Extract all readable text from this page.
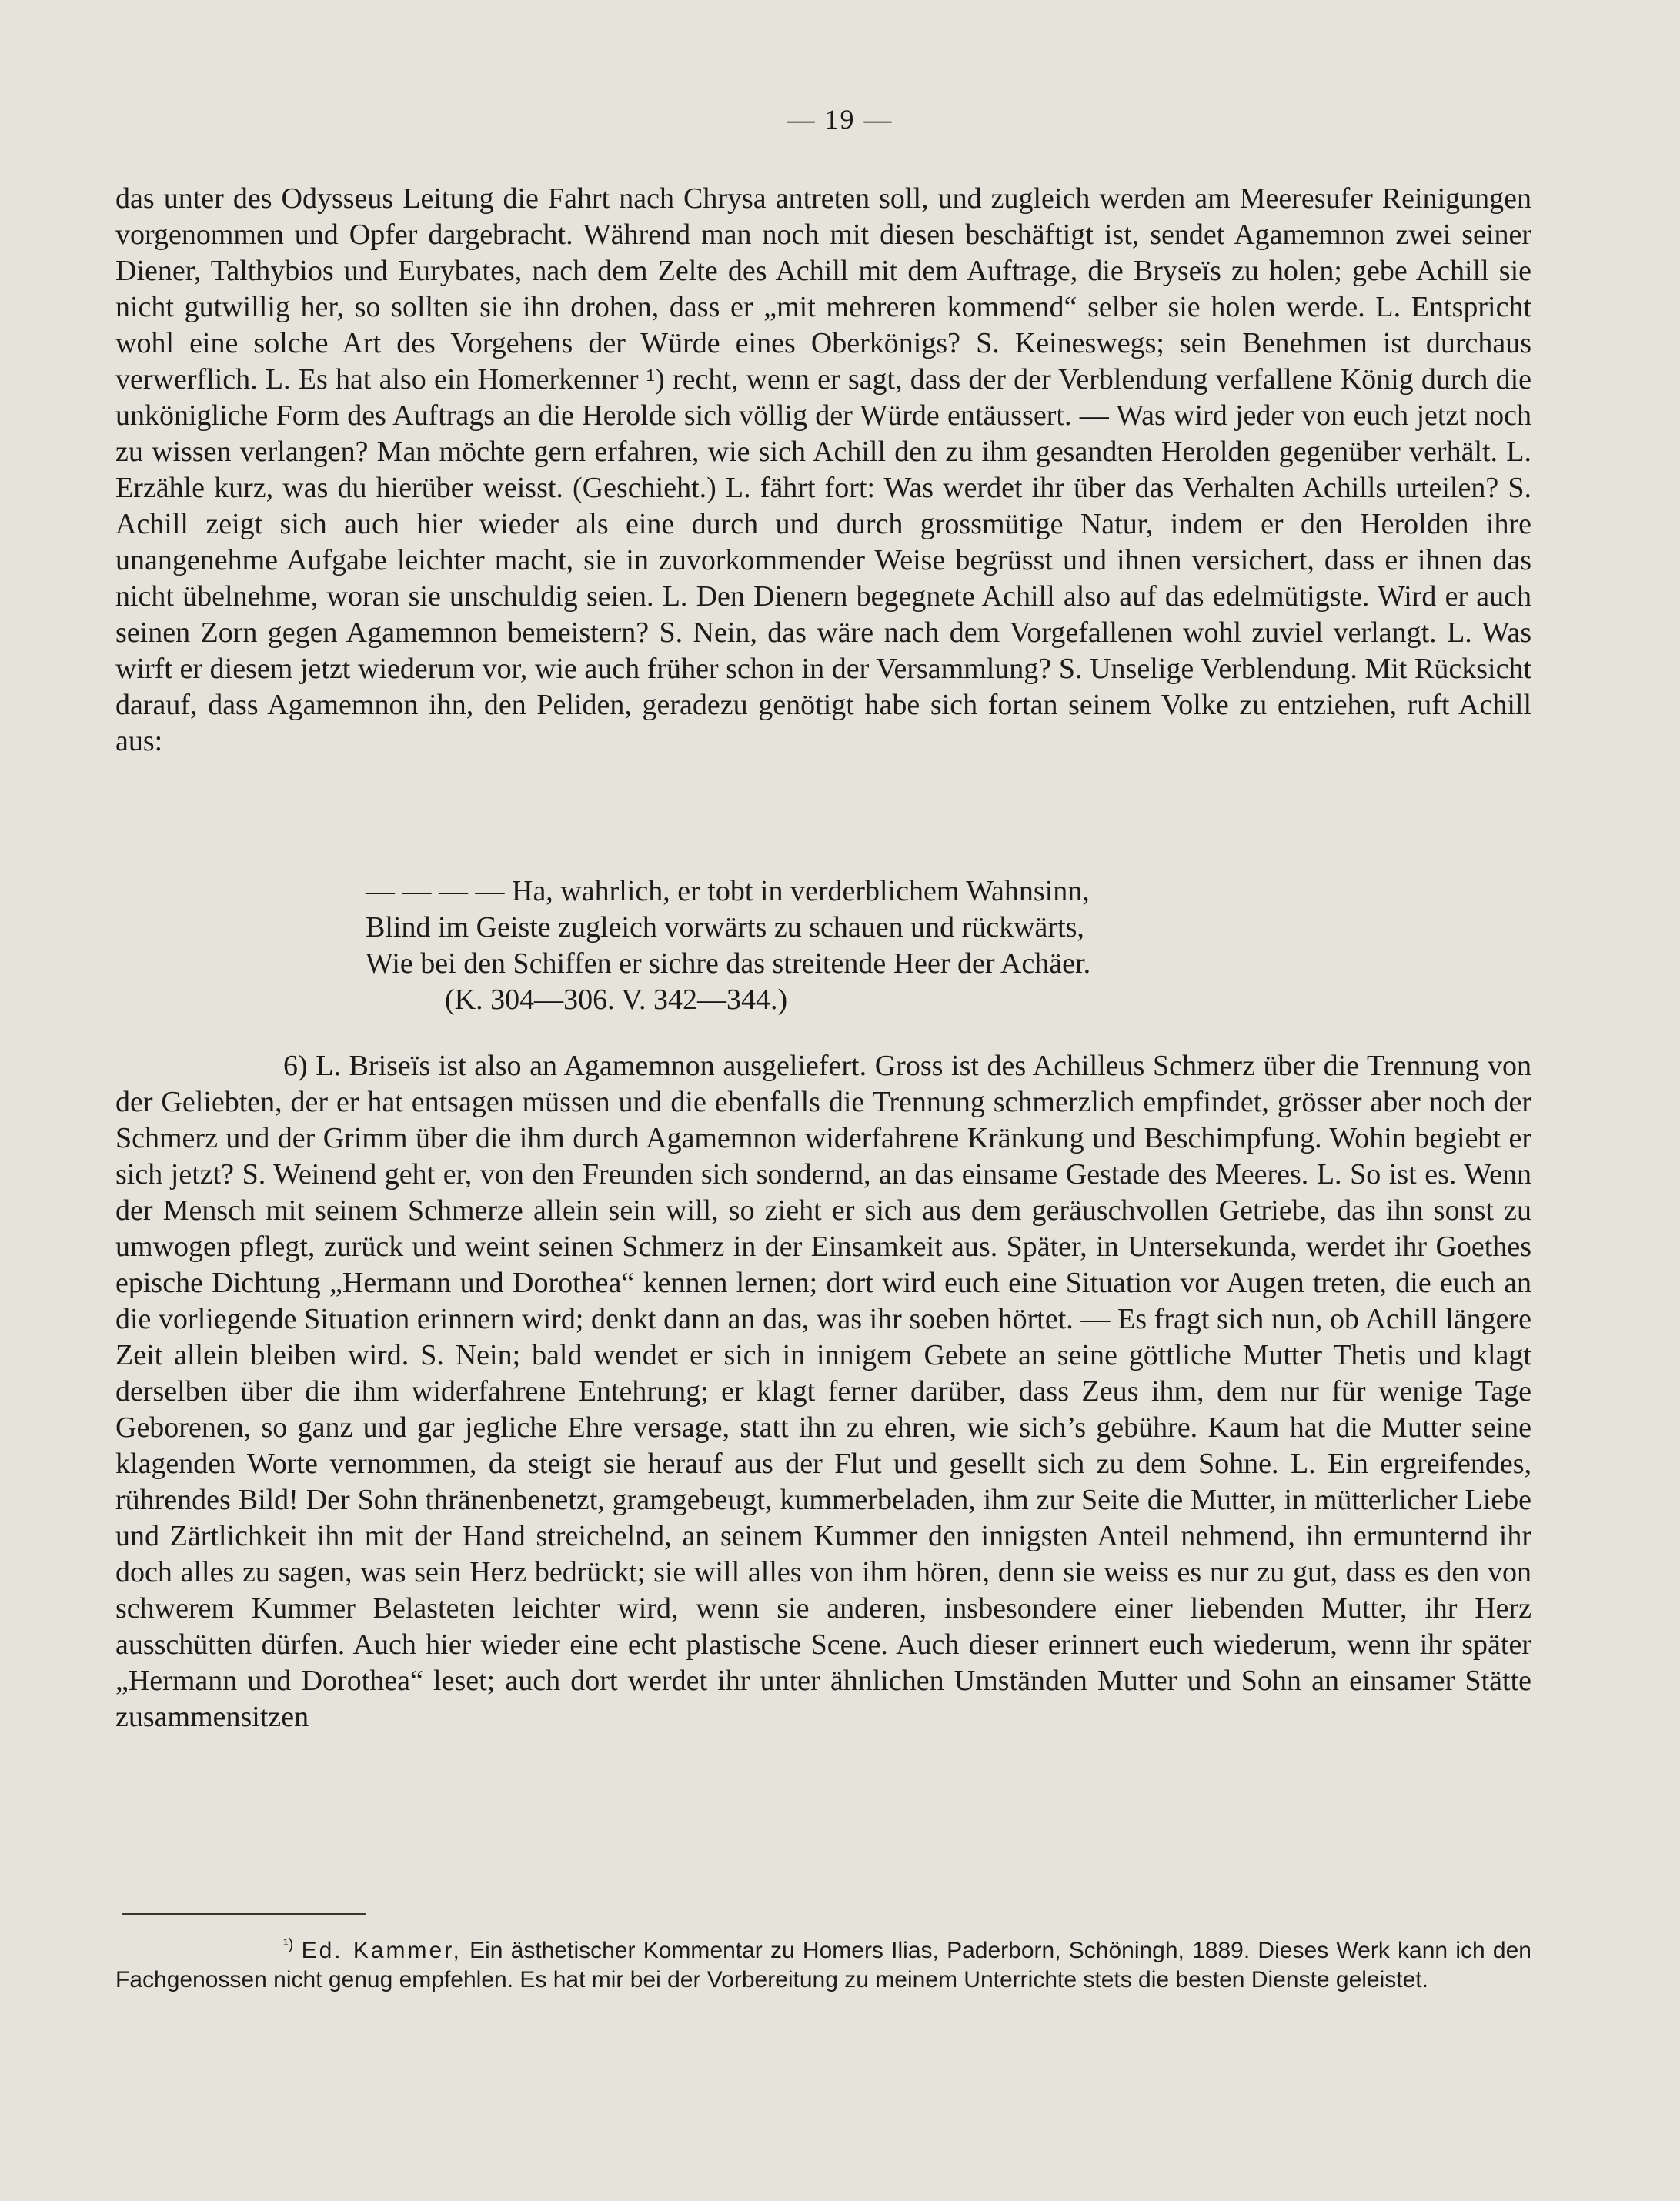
— 19 —

das unter des Odysseus Leitung die Fahrt nach Chrysa antreten soll, und zugleich werden am Meeresufer Reinigungen vorgenommen und Opfer dargebracht. Während man noch mit diesen beschäftigt ist, sendet Agamemnon zwei seiner Diener, Talthybios und Eurybates, nach dem Zelte des Achill mit dem Auftrage, die Bryseïs zu holen; gebe Achill sie nicht gutwillig her, so sollten sie ihn drohen, dass er „mit mehreren kommend“ selber sie holen werde. L. Entspricht wohl eine solche Art des Vorgehens der Würde eines Oberkönigs? S. Keineswegs; sein Benehmen ist durchaus verwerflich. L. Es hat also ein Homerkenner ¹) recht, wenn er sagt, dass der der Verblendung verfallene König durch die unkönigliche Form des Auftrags an die Herolde sich völlig der Würde entäussert. — Was wird jeder von euch jetzt noch zu wissen verlangen? Man möchte gern erfahren, wie sich Achill den zu ihm gesandten Herolden gegenüber verhält. L. Erzähle kurz, was du hierüber weisst. (Geschieht.) L. fährt fort: Was werdet ihr über das Verhalten Achills urteilen? S. Achill zeigt sich auch hier wieder als eine durch und durch grossmütige Natur, indem er den Herolden ihre unangenehme Aufgabe leichter macht, sie in zuvorkommender Weise begrüsst und ihnen versichert, dass er ihnen das nicht übelnehme, woran sie unschuldig seien. L. Den Dienern begegnete Achill also auf das edelmütigste. Wird er auch seinen Zorn gegen Agamemnon bemeistern? S. Nein, das wäre nach dem Vorgefallenen wohl zuviel verlangt. L. Was wirft er diesem jetzt wiederum vor, wie auch früher schon in der Versammlung? S. Unselige Verblendung. Mit Rücksicht darauf, dass Agamemnon ihn, den Peliden, geradezu genötigt habe sich fortan seinem Volke zu entziehen, ruft Achill aus:

— — — — Ha, wahrlich, er tobt in verderblichem Wahnsinn,
Blind im Geiste zugleich vorwärts zu schauen und rückwärts,
Wie bei den Schiffen er sichre das streitende Heer der Achäer.
(K. 304—306. V. 342—344.)

6) L. Briseïs ist also an Agamemnon ausgeliefert. Gross ist des Achilleus Schmerz über die Trennung von der Geliebten, der er hat entsagen müssen und die ebenfalls die Trennung schmerzlich empfindet, grösser aber noch der Schmerz und der Grimm über die ihm durch Agamemnon widerfahrene Kränkung und Beschimpfung. Wohin begiebt er sich jetzt? S. Weinend geht er, von den Freunden sich sondernd, an das einsame Gestade des Meeres. L. So ist es. Wenn der Mensch mit seinem Schmerze allein sein will, so zieht er sich aus dem geräuschvollen Getriebe, das ihn sonst zu umwogen pflegt, zurück und weint seinen Schmerz in der Einsamkeit aus. Später, in Untersekunda, werdet ihr Goethes epische Dichtung „Hermann und Dorothea“ kennen lernen; dort wird euch eine Situation vor Augen treten, die euch an die vorliegende Situation erinnern wird; denkt dann an das, was ihr soeben hörtet. — Es fragt sich nun, ob Achill längere Zeit allein bleiben wird. S. Nein; bald wendet er sich in innigem Gebete an seine göttliche Mutter Thetis und klagt derselben über die ihm widerfahrene Entehrung; er klagt ferner darüber, dass Zeus ihm, dem nur für wenige Tage Geborenen, so ganz und gar jegliche Ehre versage, statt ihn zu ehren, wie sich’s gebühre. Kaum hat die Mutter seine klagenden Worte vernommen, da steigt sie herauf aus der Flut und gesellt sich zu dem Sohne. L. Ein ergreifendes, rührendes Bild! Der Sohn thränenbenetzt, gramgebeugt, kummerbeladen, ihm zur Seite die Mutter, in mütterlicher Liebe und Zärtlichkeit ihn mit der Hand streichelnd, an seinem Kummer den innigsten Anteil nehmend, ihn ermunternd ihr doch alles zu sagen, was sein Herz bedrückt; sie will alles von ihm hören, denn sie weiss es nur zu gut, dass es den von schwerem Kummer Belasteten leichter wird, wenn sie anderen, insbesondere einer liebenden Mutter, ihr Herz ausschütten dürfen. Auch hier wieder eine echt plastische Scene. Auch dieser erinnert euch wiederum, wenn ihr später „Hermann und Dorothea“ leset; auch dort werdet ihr unter ähnlichen Umständen Mutter und Sohn an einsamer Stätte zusammensitzen

$^{^1)}$ Ed. Kammer, Ein ästhetischer Kommentar zu Homers Ilias, Paderborn, Schöningh, 1889. Dieses Werk kann ich den Fachgenossen nicht genug empfehlen. Es hat mir bei der Vorbereitung zu meinem Unterrichte stets die besten Dienste geleistet.
